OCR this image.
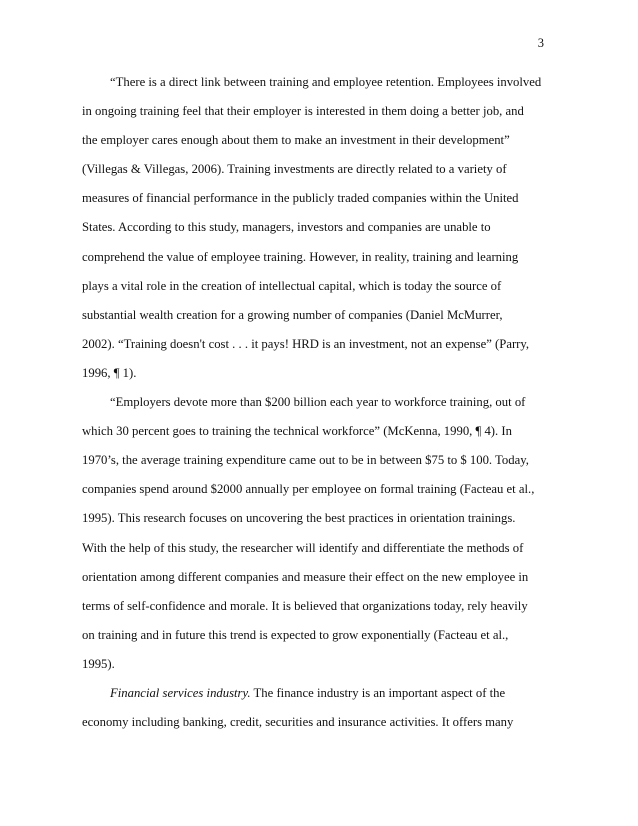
3
“There is a direct link between training and employee retention. Employees involved
in ongoing training feel that their employer is interested in them doing a better job, and
the employer cares enough about them to make an investment in their development”
(Villegas & Villegas, 2006). Training investments are directly related to a variety of
measures of financial performance in the publicly traded companies within the United
States. According to this study, managers, investors and companies are unable to
comprehend the value of employee training. However, in reality, training and learning
plays a vital role in the creation of intellectual capital, which is today the source of
substantial wealth creation for a growing number of companies (Daniel McMurrer,
2002). “Training doesn't cost . . . it pays! HRD is an investment, not an expense” (Parry,
1996, ¶ 1).
“Employers devote more than $200 billion each year to workforce training, out of
which 30 percent goes to training the technical workforce” (McKenna, 1990, ¶ 4). In
1970’s, the average training expenditure came out to be in between $75 to $ 100. Today,
companies spend around $2000 annually per employee on formal training (Facteau et al.,
1995). This research focuses on uncovering the best practices in orientation trainings.
With the help of this study, the researcher will identify and differentiate the methods of
orientation among different companies and measure their effect on the new employee in
terms of self-confidence and morale. It is believed that organizations today, rely heavily
on training and in future this trend is expected to grow exponentially (Facteau et al.,
1995).
Financial services industry. The finance industry is an important aspect of the
economy including banking, credit, securities and insurance activities. It offers many
